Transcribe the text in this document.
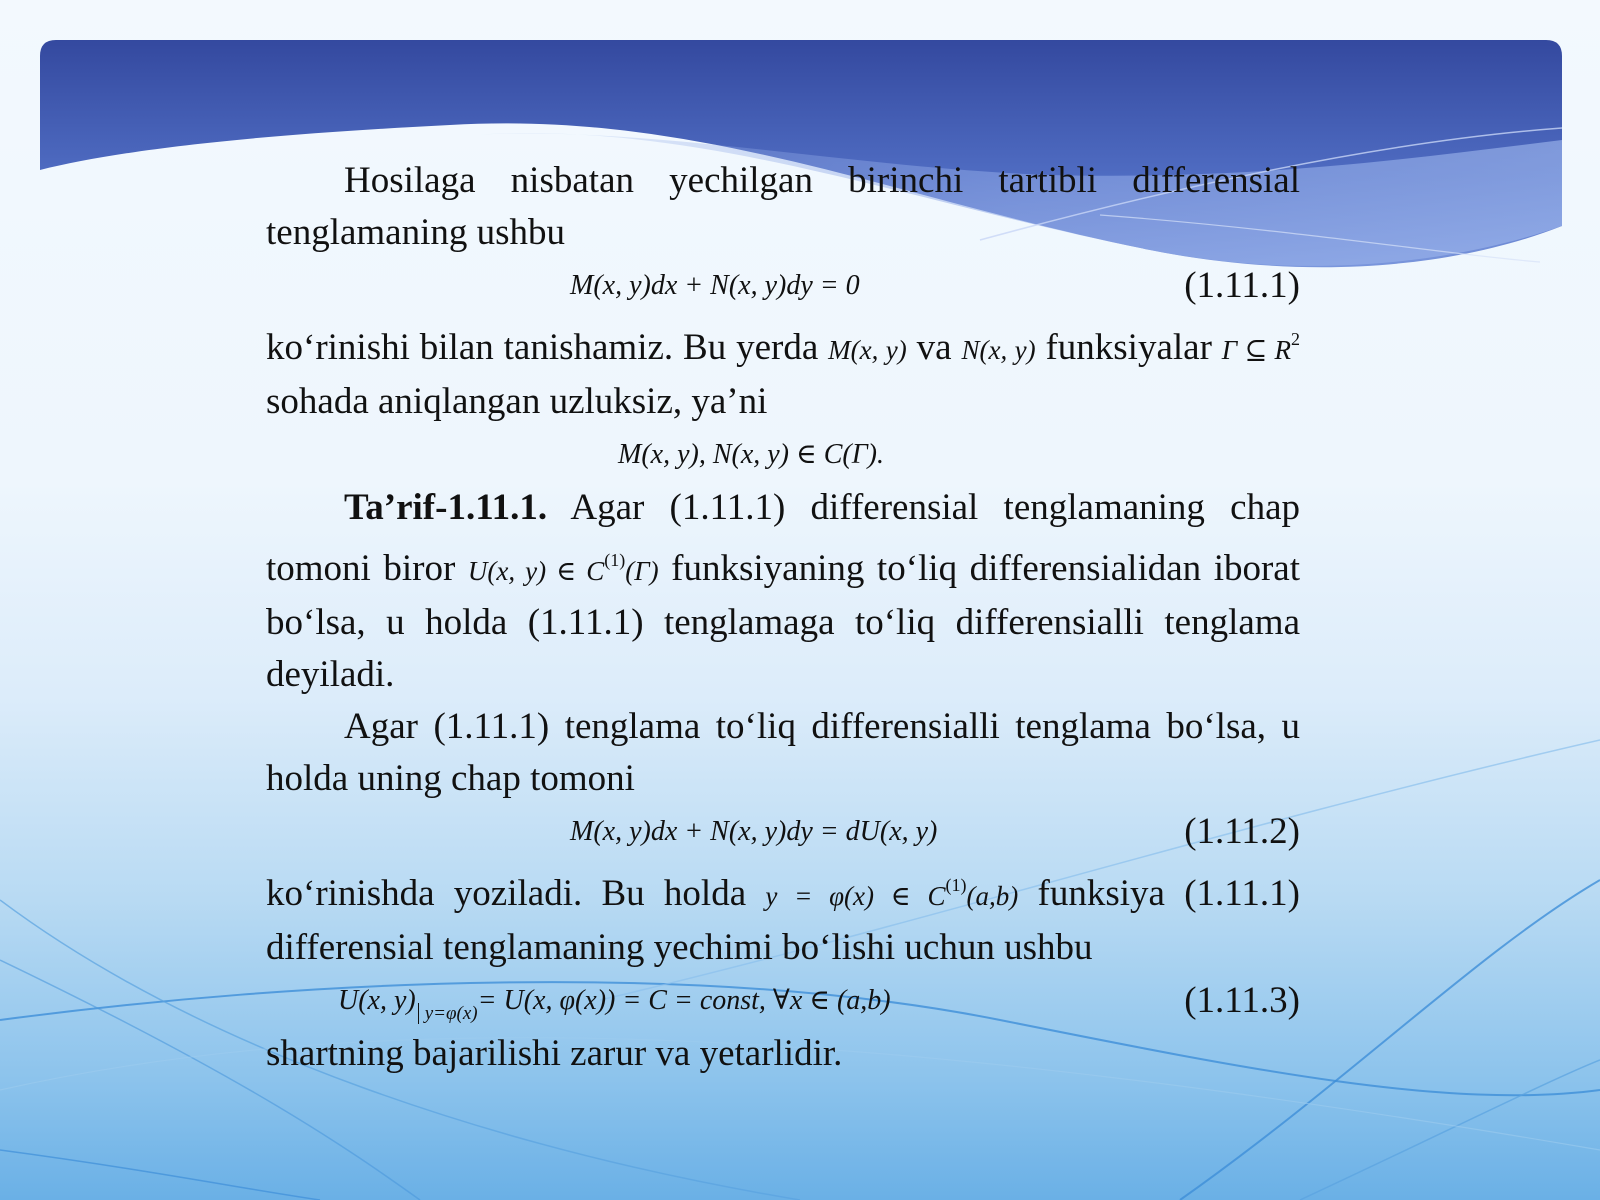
Hosilaga nisbatan yechilgan birinchi tartibli differensial tenglamaning ushbu

M(x, y)dx + N(x, y)dy = 0	(1.11.1)

ko‘rinishi bilan tanishamiz. Bu yerda M(x, y) va N(x, y) funksiyalar Γ ⊆ $R^2$ sohada aniqlangan uzluksiz, ya’ni

M(x, y), N(x, y) ∈ C(Γ).

Ta’rif-1.11.1. Agar (1.11.1) differensial tenglamaning chap tomoni biror U(x, y) ∈ $C^{(1)}(\Gamma)$ funksiyaning to‘liq differensialidan iborat bo‘lsa, u holda (1.11.1) tenglamaga to‘liq differensialli tenglama deyiladi.

Agar (1.11.1) tenglama to‘liq differensialli tenglama bo‘lsa, u holda uning chap tomoni

M(x, y)dx + N(x, y)dy = dU(x, y)	(1.11.2)

ko‘rinishda yoziladi. Bu holda y = φ(x) ∈ $C^{(1)}(a,b)$ funksiya (1.11.1) differensial tenglamaning yechimi bo‘lishi uchun ushbu

U(x, y) $_{y=\varphi(x)}$= U(x, φ(x)) = C = const, ∀x ∈ (a,b)	(1.11.3)

shartning bajarilishi zarur va yetarlidir.
